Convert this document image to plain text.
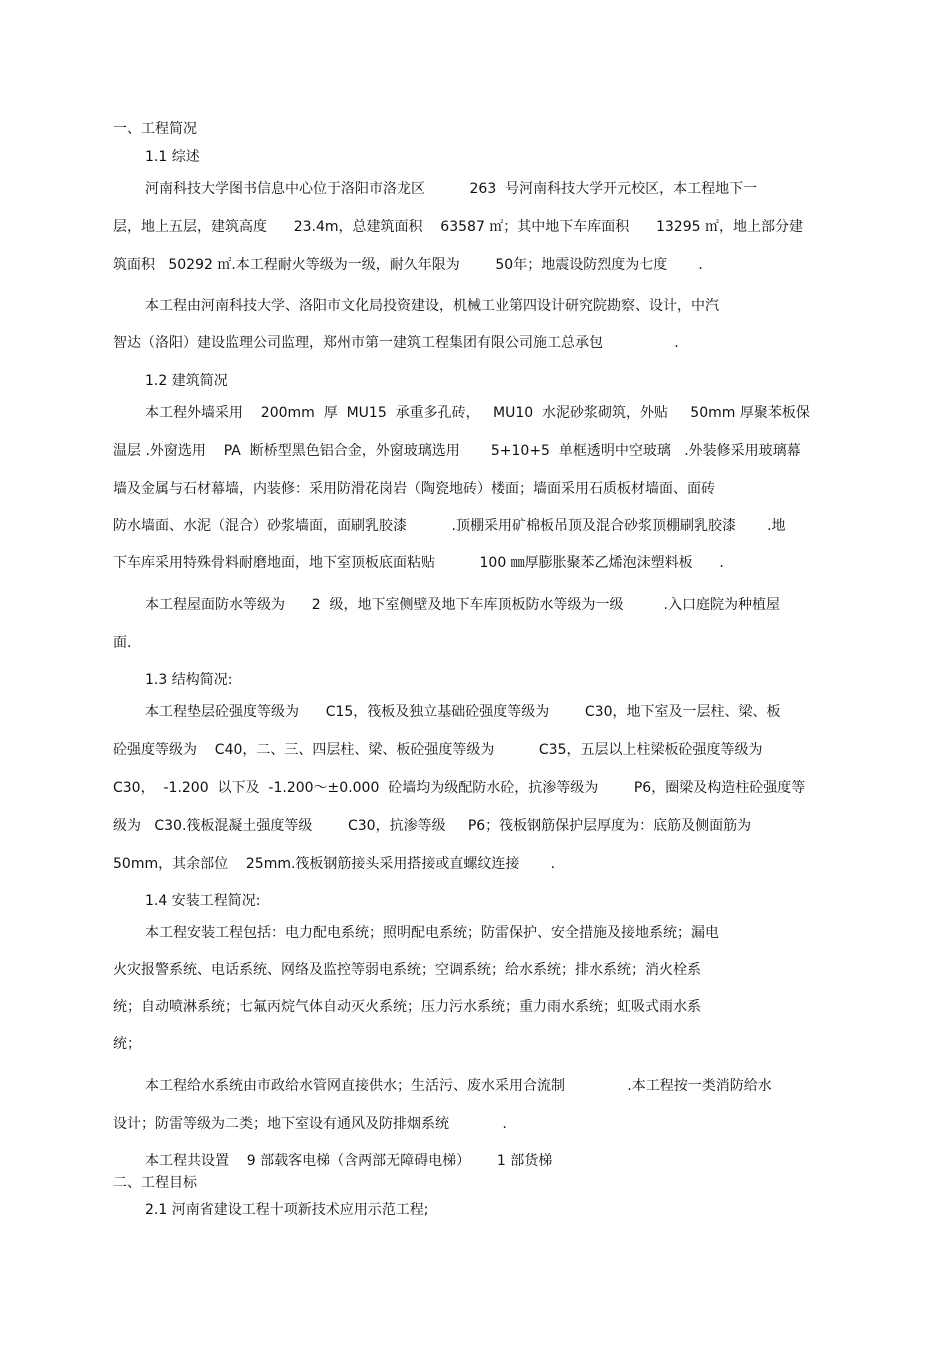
一、工程简况
1.1 综述
河南科技大学图书信息中心位于洛阳市洛龙区          263  号河南科技大学开元校区，本工程地下一
层，地上五层，建筑高度      23.4m，总建筑面积    63587 ㎡；其中地下车库面积      13295 ㎡，地上部分建
筑面积   50292 ㎡.本工程耐火等级为一级，耐久年限为        50年；地震设防烈度为七度       .
本工程由河南科技大学、洛阳市文化局投资建设，机械工业第四设计研究院勘察、设计，中汽
智达（洛阳）建设监理公司监理，郑州市第一建筑工程集团有限公司施工总承包                .
1.2 建筑简况
本工程外墙采用    200mm  厚  MU15  承重多孔砖，   MU10  水泥砂浆砌筑，外贴     50mm 厚聚苯板保
温层 .外窗选用    PA  断桥型黑色铝合金，外窗玻璃选用       5+10+5  单框透明中空玻璃   .外装修采用玻璃幕
墙及金属与石材幕墙，内装修：采用防滑花岗岩（陶瓷地砖）楼面；墙面采用石质板材墙面、面砖
防水墙面、水泥（混合）砂浆墙面，面刷乳胶漆          .顶棚采用矿棉板吊顶及混合砂浆顶棚刷乳胶漆       .地
下车库采用特殊骨料耐磨地面，地下室顶板底面粘贴          100 ㎜厚膨胀聚苯乙烯泡沫塑料板      .
本工程屋面防水等级为      2  级，地下室侧壁及地下车库顶板防水等级为一级         .入口庭院为种植屋
面.
1.3 结构简况:
本工程垫层砼强度等级为      C15，筏板及独立基础砼强度等级为        C30，地下室及一层柱、梁、板
砼强度等级为    C40，二、三、四层柱、梁、板砼强度等级为          C35，五层以上柱梁板砼强度等级为
C30，  -1.200  以下及  -1.200～±0.000  砼墙均为级配防水砼，抗渗等级为        P6，圈梁及构造柱砼强度等
级为   C30.筏板混凝土强度等级        C30，抗渗等级     P6；筏板钢筋保护层厚度为：底筋及侧面筋为
50mm，其余部位    25mm.筏板钢筋接头采用搭接或直螺纹连接       .
1.4 安装工程简况:
本工程安装工程包括：电力配电系统；照明配电系统；防雷保护、安全措施及接地系统；漏电
火灾报警系统、电话系统、网络及监控等弱电系统；空调系统；给水系统；排水系统；消火栓系
统；自动喷淋系统；七氟丙烷气体自动灭火系统；压力污水系统；重力雨水系统；虹吸式雨水系
统；
本工程给水系统由市政给水管网直接供水；生活污、废水采用合流制              .本工程按一类消防给水
设计；防雷等级为二类；地下室设有通风及防排烟系统            .
本工程共设置    9 部载客电梯（含两部无障碍电梯）      1 部货梯
二、工程目标
2.1 河南省建设工程十项新技术应用示范工程;
